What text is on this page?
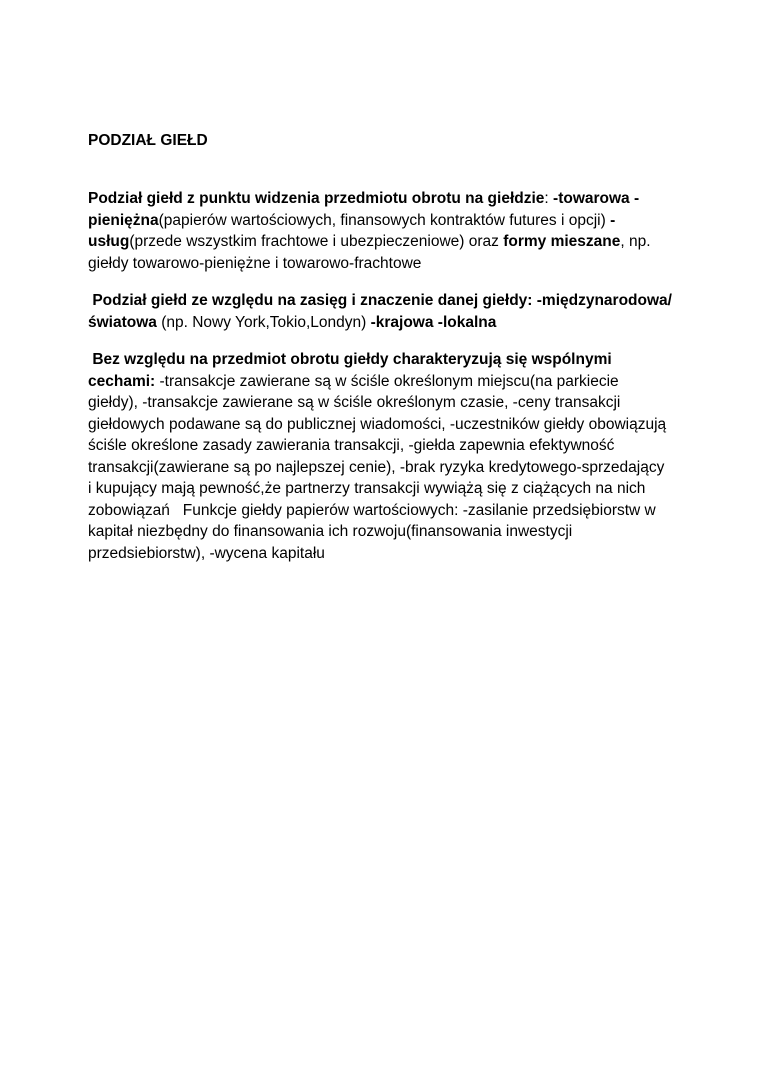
PODZIAŁ GIEŁD

Podział giełd z punktu widzenia przedmiotu obrotu na giełdzie: -towarowa -pieniężna(papierów wartościowych, finansowych kontraktów futures i opcji) -usług(przede wszystkim frachtowe i ubezpieczeniowe) oraz formy mieszane, np. giełdy towarowo-pieniężne i towarowo-frachtowe

Podział giełd ze względu na zasięg i znaczenie danej giełdy: -międzynarodowa/światowa (np. Nowy York,Tokio,Londyn) -krajowa -lokalna

Bez względu na przedmiot obrotu giełdy charakteryzują się wspólnymi cechami: -transakcje zawierane są w ściśle określonym miejscu(na parkiecie giełdy), -transakcje zawierane są w ściśle określonym czasie, -ceny transakcji giełdowych podawane są do publicznej wiadomości, -uczestników giełdy obowiązują ściśle określone zasady zawierania transakcji, -giełda zapewnia efektywność transakcji(zawierane są po najlepszej cenie), -brak ryzyka kredytowego-sprzedający i kupujący mają pewność,że partnerzy transakcji wywiążą się z ciążących na nich zobowiązań   Funkcje giełdy papierów wartościowych: -zasilanie przedsiębiorstw w kapitał niezbędny do finansowania ich rozwoju(finansowania inwestycji przedsiebiorstw), -wycena kapitału
